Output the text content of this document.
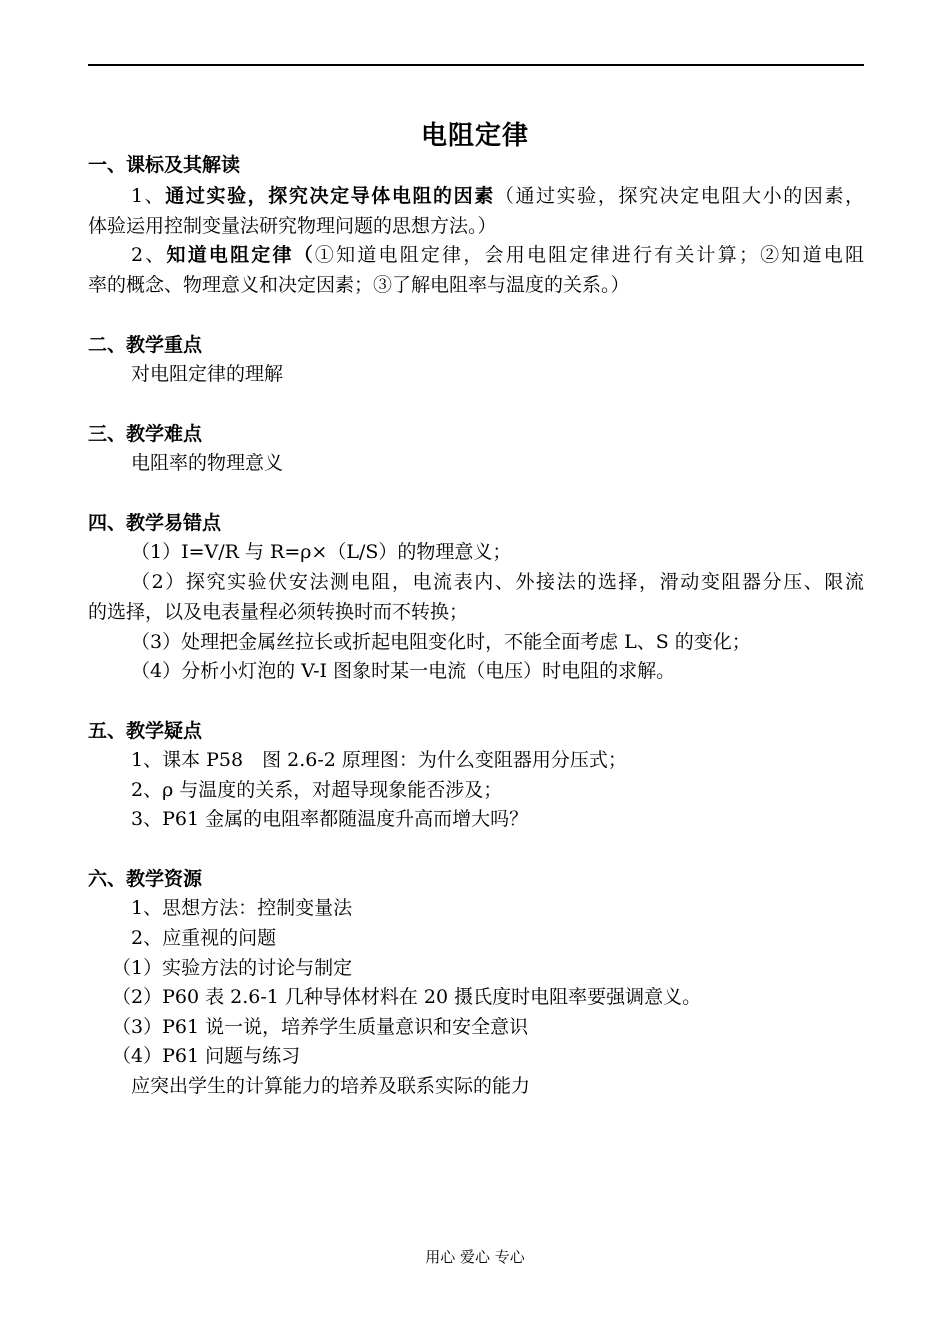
电阻定律
一、课标及其解读
1、通过实验，探究决定导体电阻的因素（通过实验，探究决定电阻大小的因素，
体验运用控制变量法研究物理问题的思想方法。）
2、知道电阻定律（①知道电阻定律，会用电阻定律进行有关计算；②知道电阻
率的概念、物理意义和决定因素；③了解电阻率与温度的关系。）
二、教学重点
对电阻定律的理解
三、教学难点
电阻率的物理意义
四、教学易错点
（1）I=V/R 与 R=ρ×（L/S）的物理意义；
（2）探究实验伏安法测电阻，电流表内、外接法的选择，滑动变阻器分压、限流
的选择，以及电表量程必须转换时而不转换；
（3）处理把金属丝拉长或折起电阻变化时，不能全面考虑 L、S 的变化；
（4）分析小灯泡的 V-I 图象时某一电流（电压）时电阻的求解。
五、教学疑点
1、课本 P58　图 2.6-2 原理图：为什么变阻器用分压式；
2、ρ 与温度的关系，对超导现象能否涉及；
3、P61 金属的电阻率都随温度升高而增大吗？
六、教学资源
1、思想方法：控制变量法
2、应重视的问题
（1）实验方法的讨论与制定
（2）P60 表 2.6-1 几种导体材料在 20 摄氏度时电阻率要强调意义。
（3）P61 说一说，培养学生质量意识和安全意识
（4）P61 问题与练习
应突出学生的计算能力的培养及联系实际的能力
用心 爱心 专心
